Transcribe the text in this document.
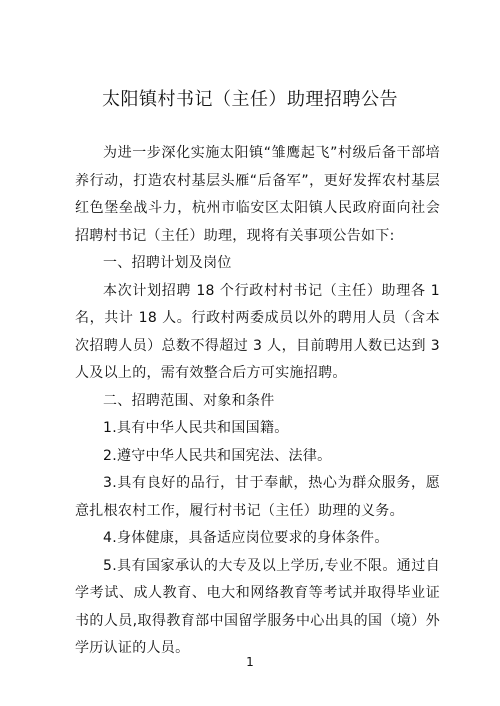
太阳镇村书记（主任）助理招聘公告

为进一步深化实施太阳镇“雏鹰起飞”村级后备干部培养行动，打造农村基层头雁“后备军”，更好发挥农村基层红色堡垒战斗力，杭州市临安区太阳镇人民政府面向社会招聘村书记（主任）助理，现将有关事项公告如下:

一、招聘计划及岗位

本次计划招聘 18 个行政村村书记（主任）助理各 1 名，共计 18 人。行政村两委成员以外的聘用人员（含本次招聘人员）总数不得超过 3 人，目前聘用人数已达到 3 人及以上的，需有效整合后方可实施招聘。

二、招聘范围、对象和条件

1.具有中华人民共和国国籍。

2.遵守中华人民共和国宪法、法律。

3.具有良好的品行，甘于奉献，热心为群众服务，愿意扎根农村工作，履行村书记（主任）助理的义务。

4.身体健康，具备适应岗位要求的身体条件。

5.具有国家承认的大专及以上学历,专业不限。通过自学考试、成人教育、电大和网络教育等考试并取得毕业证书的人员,取得教育部中国留学服务中心出具的国（境）外学历认证的人员。

1
